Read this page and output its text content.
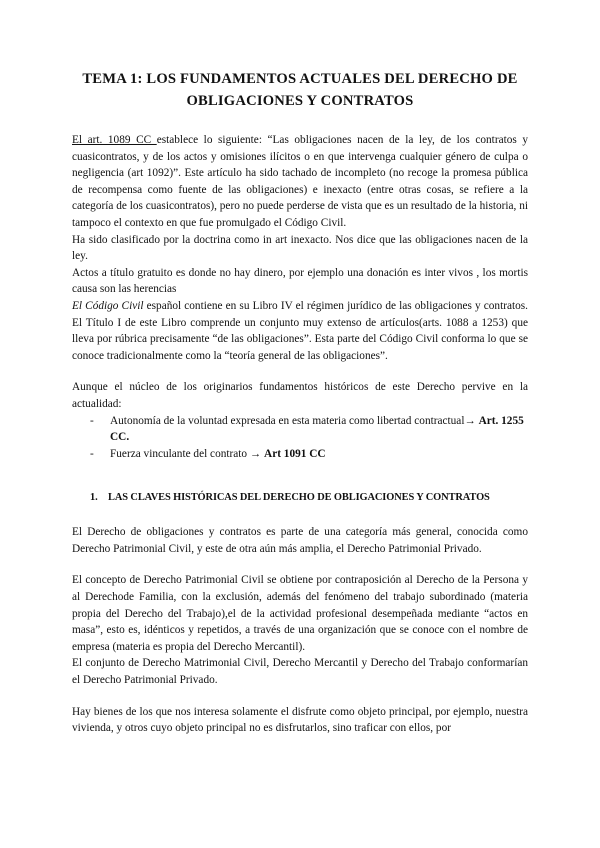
TEMA 1: LOS FUNDAMENTOS ACTUALES DEL DERECHO DE OBLIGACIONES Y CONTRATOS

El art. 1089 CC establece lo siguiente: “Las obligaciones nacen de la ley, de los contratos y cuasicontratos, y de los actos y omisiones ilícitos o en que intervenga cualquier género de culpa o negligencia (art 1092)”. Este artículo ha sido tachado de incompleto (no recoge la promesa pública de recompensa como fuente de las obligaciones) e inexacto (entre otras cosas, se refiere a la categoría de los cuasicontratos), pero no puede perderse de vista que es un resultado de la historia, ni tampoco el contexto en que fue promulgado el Código Civil.

Ha sido clasificado por la doctrina como in art inexacto. Nos dice que las obligaciones nacen de la ley.

Actos a título gratuito es donde no hay dinero, por ejemplo una donación es inter vivos , los mortis causa son las herencias

El Código Civil español contiene en su Libro IV el régimen jurídico de las obligaciones y contratos. El Título I de este Libro comprende un conjunto muy extenso de artículos(arts. 1088 a 1253) que lleva por rúbrica precisamente “de las obligaciones”. Esta parte del Código Civil conforma lo que se conoce tradicionalmente como la “teoría general de las obligaciones”.

Aunque el núcleo de los originarios fundamentos históricos de este Derecho pervive en la actualidad:

- Autonomía de la voluntad expresada en esta materia como libertad contractual→ Art. 1255 CC.
- Fuerza vinculante del contrato → Art 1091 CC
1. LAS CLAVES HISTÓRICAS DEL DERECHO DE OBLIGACIONES Y CONTRATOS

El Derecho de obligaciones y contratos es parte de una categoría más general, conocida como Derecho Patrimonial Civil, y este de otra aún más amplia, el Derecho Patrimonial Privado.

El concepto de Derecho Patrimonial Civil se obtiene por contraposición al Derecho de la Persona y al Derechode Familia, con la exclusión, además del fenómeno del trabajo subordinado (materia propia del Derecho del Trabajo),el de la actividad profesional desempeñada mediante “actos en masa”, esto es, idénticos y repetidos, a través de una organización que se conoce con el nombre de empresa (materia es propia del Derecho Mercantil).

El conjunto de Derecho Matrimonial Civil, Derecho Mercantil y Derecho del Trabajo conformarían el Derecho Patrimonial Privado.

Hay bienes de los que nos interesa solamente el disfrute como objeto principal, por ejemplo, nuestra vivienda, y otros cuyo objeto principal no es disfrutarlos, sino traficar con ellos, por
